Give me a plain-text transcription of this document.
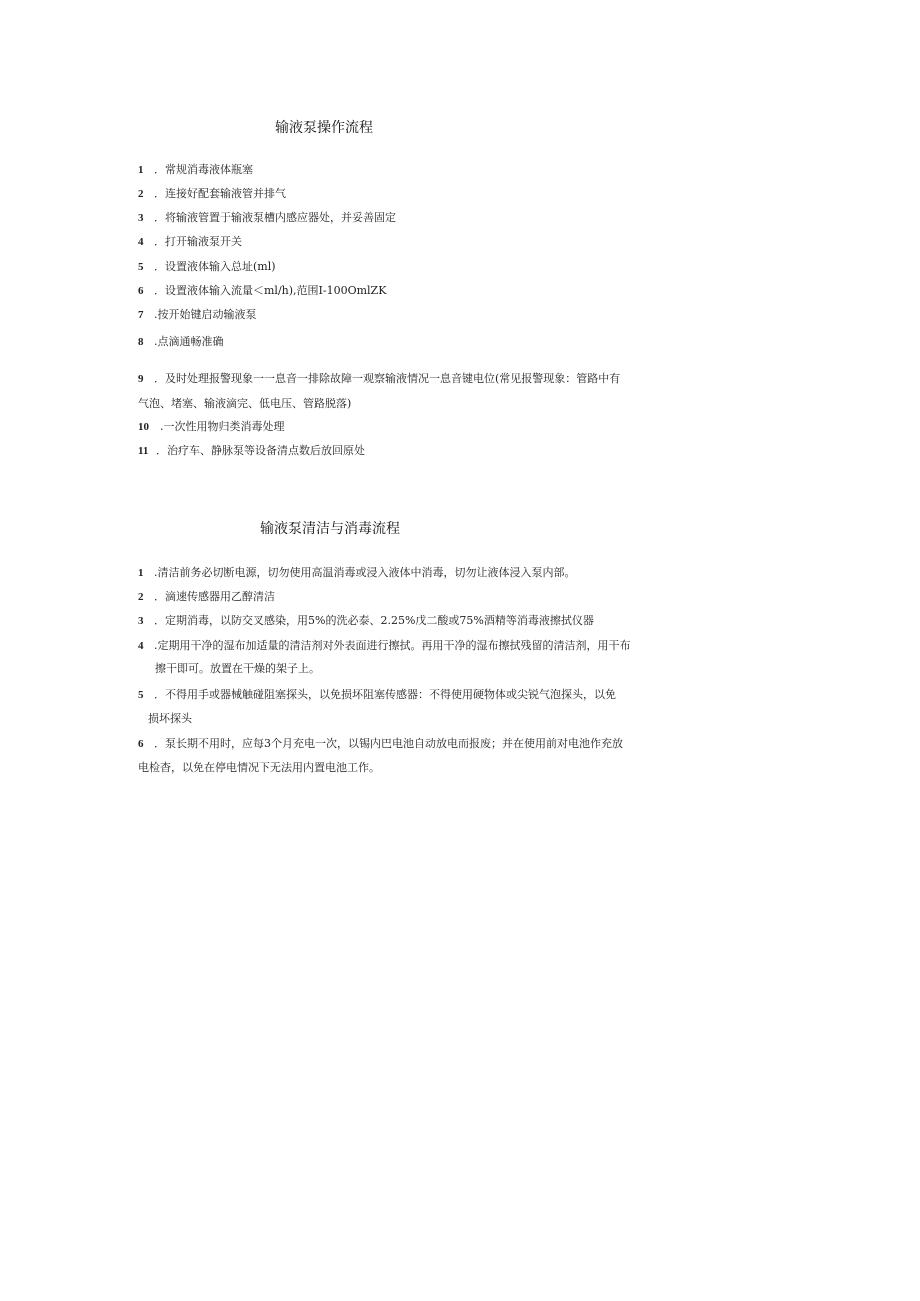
输液泵操作流程
1 ．常规消毒液体瓶塞
2 ．连接好配套输液管并排气
3 ．将输液管置于输液泵槽内感应器处，并妥善固定
4 ．打开输液泵开关
5 ．设置液体输入总址(ml)
6 ．设置液体输入流量＜ml∕h),范围I-100OmlZK
7 .按开始键启动输液泵
8 .点滴通畅准确
9 ．及时处理报警现象一一息音一排除故障一观察输液情况一息音键电位(常见报警现象：管路中有
气泡、堵塞、输液滴完、低电压、管路脱落)
10 .一次性用物归类消毒处理
11 ．治疗车、静脉泵等设备清点数后放回原处
输液泵清洁与消毒流程
1 .清洁前务必切断电源，切勿使用高温消毒或浸入液体中消毒，切勿让液体浸入泵内部。
2 ．滴速传感器用乙醇清洁
3 ．定期消毒，以防交叉感染，用5%的洗必泰、2.25%戊二酸或75%酒精等消毒液擦拭仪器
4 .定期用干净的湿布加适量的清洁剂对外表面进行擦拭。再用干净的湿布擦拭残留的清洁剂，用干布
擦干即可。放置在干燥的架子上。
5 ．不得用手或器械触碰阻塞探头，以免损坏阻塞传感器：不得使用硬物体或尖锐气泡探头，以免
损坏探头
6 ．泵长期不用时，应每3个月充电一次，以锡内巴电池自动放电而报废；并在使用前对电池作充放
电检杳，以免在停电情况下无法用内置电池工作。
